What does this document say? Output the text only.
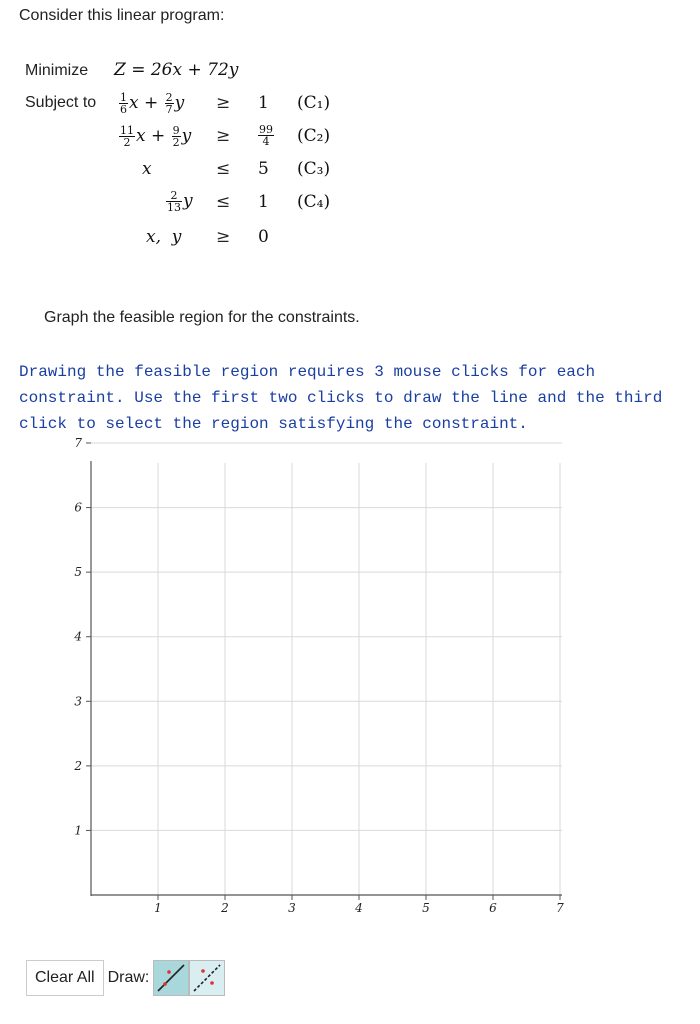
Consider this linear program:
Minimize Z = 26x + 72y
Subject to $\frac{1}{6}$ $x + \frac{2}{7}$ y ≥ 1 (C₁)
$\frac{11}{2}$ $x + \frac{9}{2}$ y ≥	$\frac{99}{4} (C_2)$
x	≤ 5 (C₃)
$\frac{2}{13}$ y ≤ 1 (C₄)
x,  y ≥ 0
Graph the feasible region for the constraints.
Drawing the feasible region requires 3 mouse clicks for each constraint. Use the first two clicks to draw the line and the third click to select the region satisfying the constraint.
1	2	3	4	5	6	7
1
2
3
4
5
6
7
Clear All Draw:
